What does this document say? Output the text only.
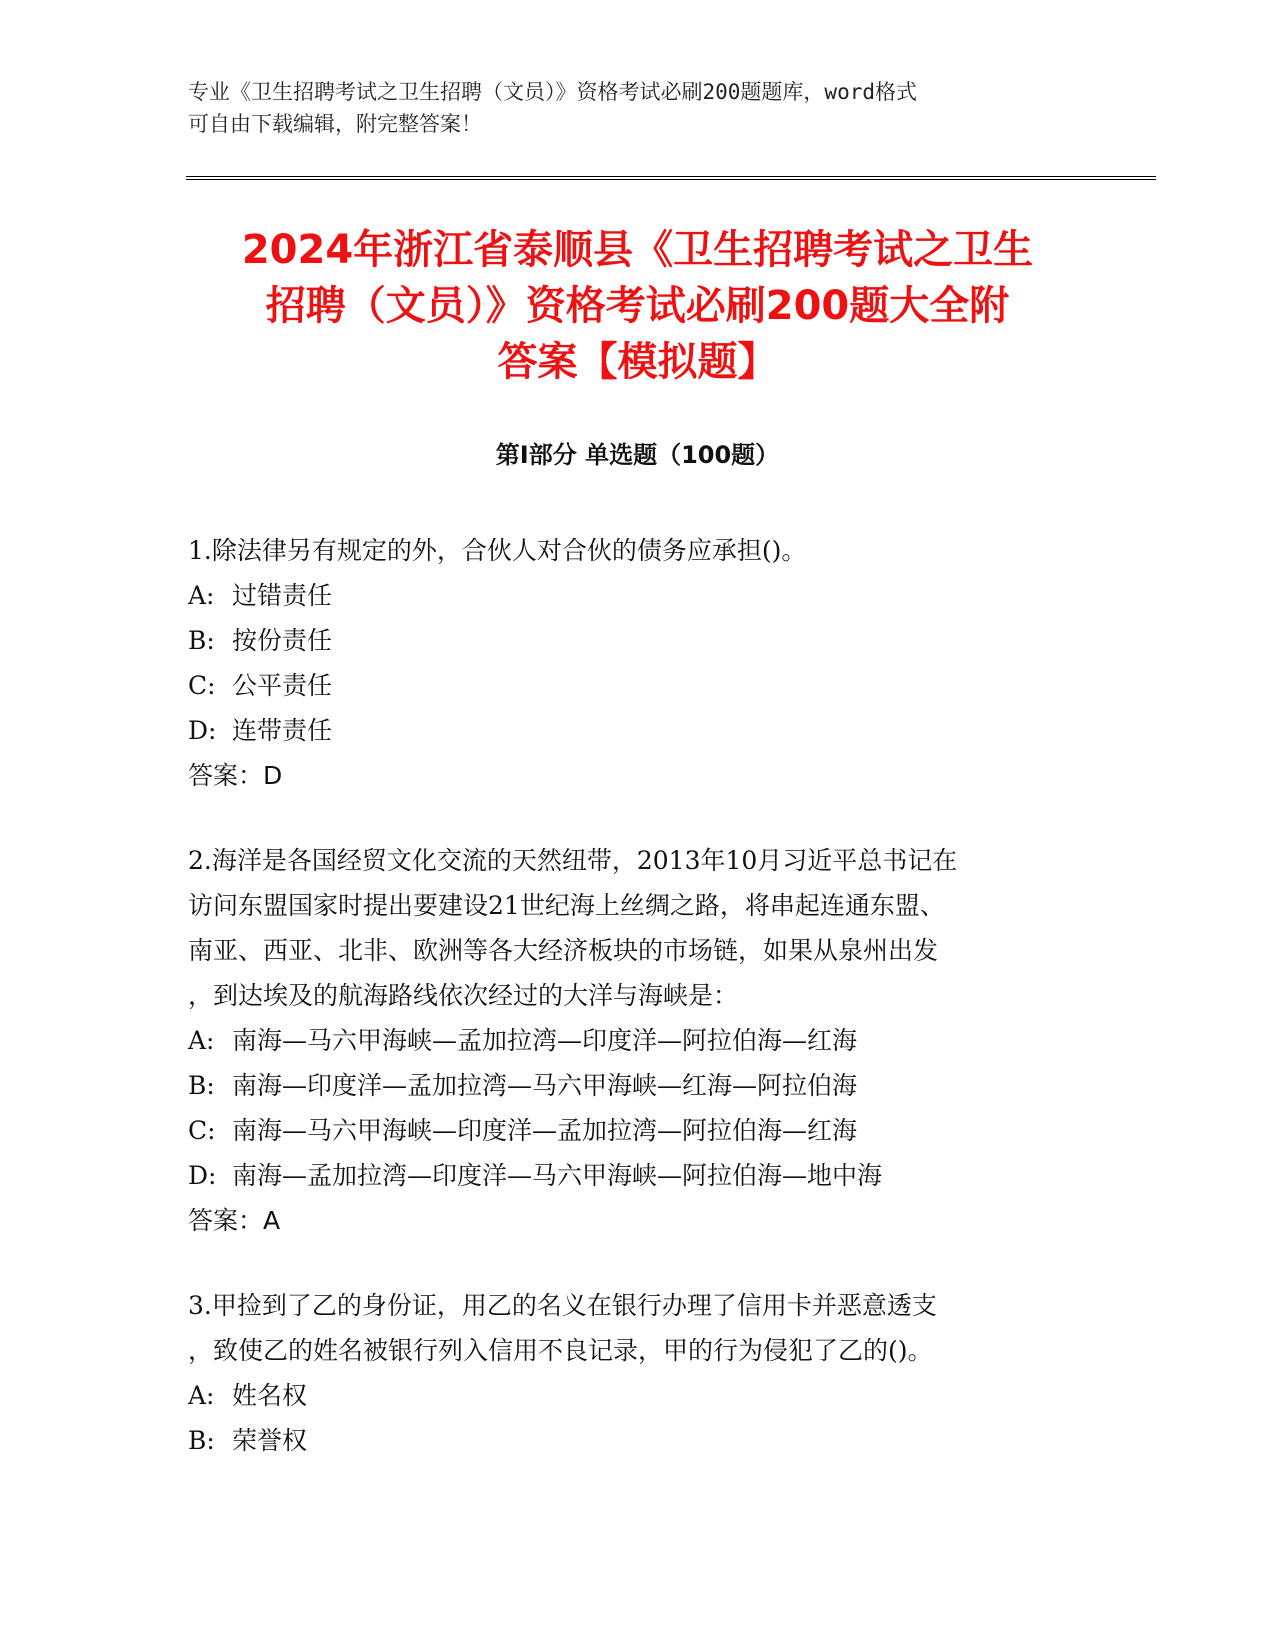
专业《卫生招聘考试之卫生招聘（文员）》资格考试必刷200题题库，word格式
可自由下载编辑，附完整答案！
2024年浙江省泰顺县《卫生招聘考试之卫生
招聘（文员）》资格考试必刷200题大全附
答案【模拟题】
第Ⅰ部分 单选题（100题）

1.除法律另有规定的外，合伙人对合伙的债务应承担()。

A: 过错责任

B: 按份责任

C: 公平责任

D: 连带责任

答案：D

2.海洋是各国经贸文化交流的天然纽带，2013年10月习近平总书记在

访问东盟国家时提出要建设21世纪海上丝绸之路，将串起连通东盟、

南亚、西亚、北非、欧洲等各大经济板块的市场链，如果从泉州出发

，到达埃及的航海路线依次经过的大洋与海峡是：

A: 南海—马六甲海峡—孟加拉湾—印度洋—阿拉伯海—红海

B: 南海—印度洋—孟加拉湾—马六甲海峡—红海—阿拉伯海

C: 南海—马六甲海峡—印度洋—孟加拉湾—阿拉伯海—红海

D: 南海—孟加拉湾—印度洋—马六甲海峡—阿拉伯海—地中海

答案：A

3.甲捡到了乙的身份证，用乙的名义在银行办理了信用卡并恶意透支

，致使乙的姓名被银行列入信用不良记录，甲的行为侵犯了乙的()。

A: 姓名权

B: 荣誉权
